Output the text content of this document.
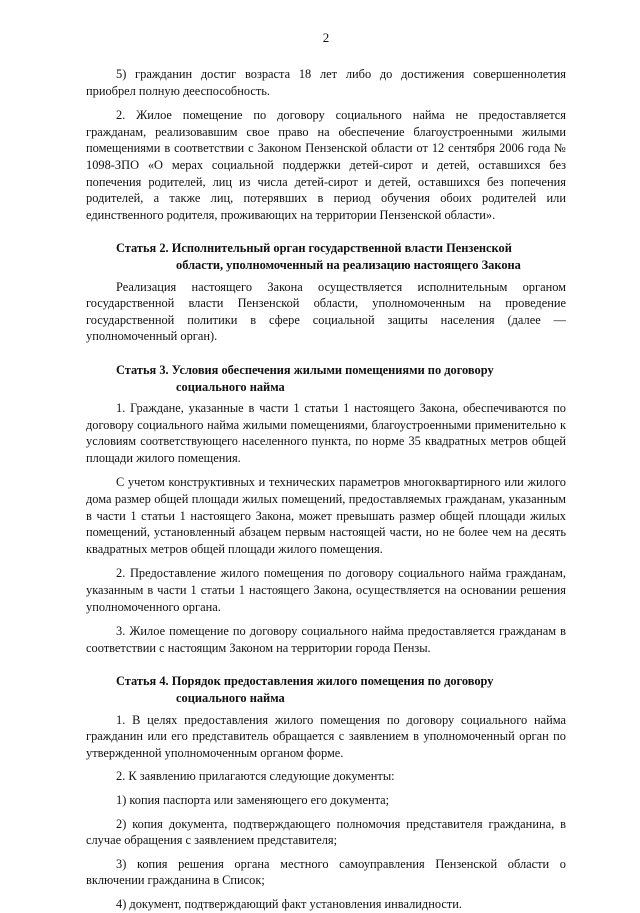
2

5) гражданин достиг возраста 18 лет либо до достижения совершеннолетия приобрел полную дееспособность.

2. Жилое помещение по договору социального найма не предоставляется гражданам, реализовавшим свое право на обеспечение благоустроенными жилыми помещениями в соответствии с Законом Пензенской области от 12 сентября 2006 года № 1098-ЗПО «О мерах социальной поддержки детей-сирот и детей, оставшихся без попечения родителей, лиц из числа детей-сирот и детей, оставшихся без попечения родителей, а также лиц, потерявших в период обучения обоих родителей или единственного родителя, проживающих на территории Пензенской области».

Статья 2. Исполнительный орган государственной власти Пензенской
области, уполномоченный на реализацию настоящего Закона

Реализация настоящего Закона осуществляется исполнительным органом государственной власти Пензенской области, уполномоченным на проведение государственной политики в сфере социальной защиты населения (далее — уполномоченный орган).

Статья 3. Условия обеспечения жилыми помещениями по договору
социального найма

1. Граждане, указанные в части 1 статьи 1 настоящего Закона, обеспечиваются по договору социального найма жилыми помещениями, благоустроенными применительно к условиям соответствующего населенного пункта, по норме 35 квадратных метров общей площади жилого помещения.

С учетом конструктивных и технических параметров многоквартирного или жилого дома размер общей площади жилых помещений, предоставляемых гражданам, указанным в части 1 статьи 1 настоящего Закона, может превышать размер общей площади жилых помещений, установленный абзацем первым настоящей части, но не более чем на десять квадратных метров общей площади жилого помещения.

2. Предоставление жилого помещения по договору социального найма гражданам, указанным в части 1 статьи 1 настоящего Закона, осуществляется на основании решения уполномоченного органа.

3. Жилое помещение по договору социального найма предоставляется гражданам в соответствии с настоящим Законом на территории города Пензы.

Статья 4. Порядок предоставления жилого помещения по договору
социального найма

1. В целях предоставления жилого помещения по договору социального найма гражданин или его представитель обращается с заявлением в уполномоченный орган по утвержденной уполномоченным органом форме.

2. К заявлению прилагаются следующие документы:

1) копия паспорта или заменяющего его документа;

2) копия документа, подтверждающего полномочия представителя гражданина, в случае обращения с заявлением представителя;

3) копия решения органа местного самоуправления Пензенской области о включении гражданина в Список;

4) документ, подтверждающий факт установления инвалидности.
